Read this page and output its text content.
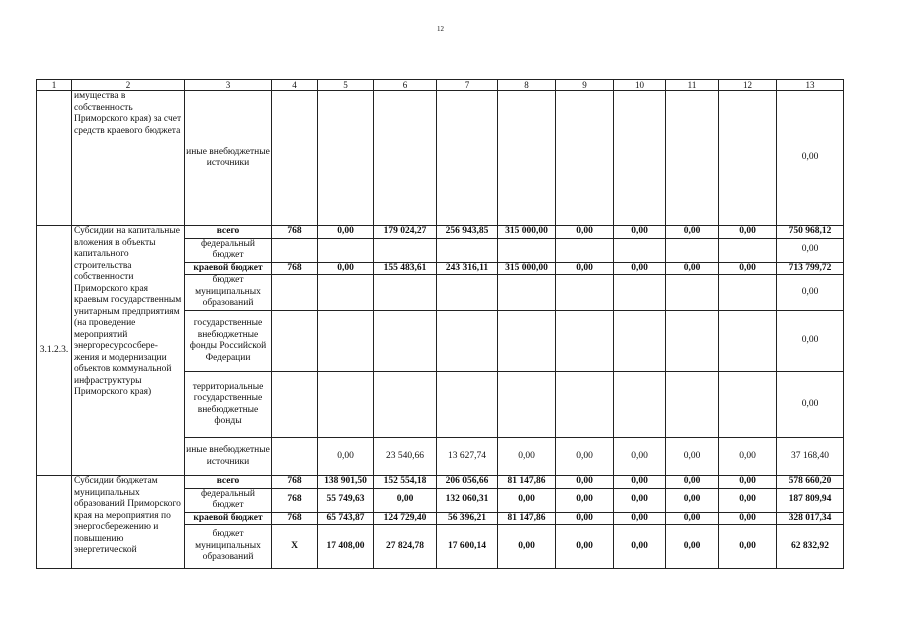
12
1	2	3	4	5	6	7	8	9	10	11	12	13
	имущества в собственность Приморского края) за счет средств краевого бюджета	иные внебюджетные источники										0,00
3.1.2.3.	Субсидии на капитальные вложения в объекты капитального строительства собственности Приморского края краевым государственным унитарным предприятиям (на проведение мероприятий энергоресурсосбере-жения и модернизации объектов коммунальной инфраструктуры Приморского края)	всего	768	0,00	179 024,27	256 943,85	315 000,00	0,00	0,00	0,00	0,00	750 968,12
		федеральный бюджет										0,00
		краевой бюджет	768	0,00	155 483,61	243 316,11	315 000,00	0,00	0,00	0,00	0,00	713 799,72
		бюджет муниципальных образований										0,00
		государственные внебюджетные фонды Российской Федерации										0,00
		территориальные государственные внебюджетные фонды										0,00
		иные внебюджетные источники		0,00	23 540,66	13 627,74	0,00	0,00	0,00	0,00	0,00	37 168,40
	Субсидии бюджетам муниципальных образований Приморского края на мероприятия по энергосбережению и повышению энергетической	всего	768	138 901,50	152 554,18	206 056,66	81 147,86	0,00	0,00	0,00	0,00	578 660,20
		федеральный бюджет	768	55 749,63	0,00	132 060,31	0,00	0,00	0,00	0,00	0,00	187 809,94
		краевой бюджет	768	65 743,87	124 729,40	56 396,21	81 147,86	0,00	0,00	0,00	0,00	328 017,34
		бюджет муниципальных образований	X	17 408,00	27 824,78	17 600,14	0,00	0,00	0,00	0,00	0,00	62 832,92
